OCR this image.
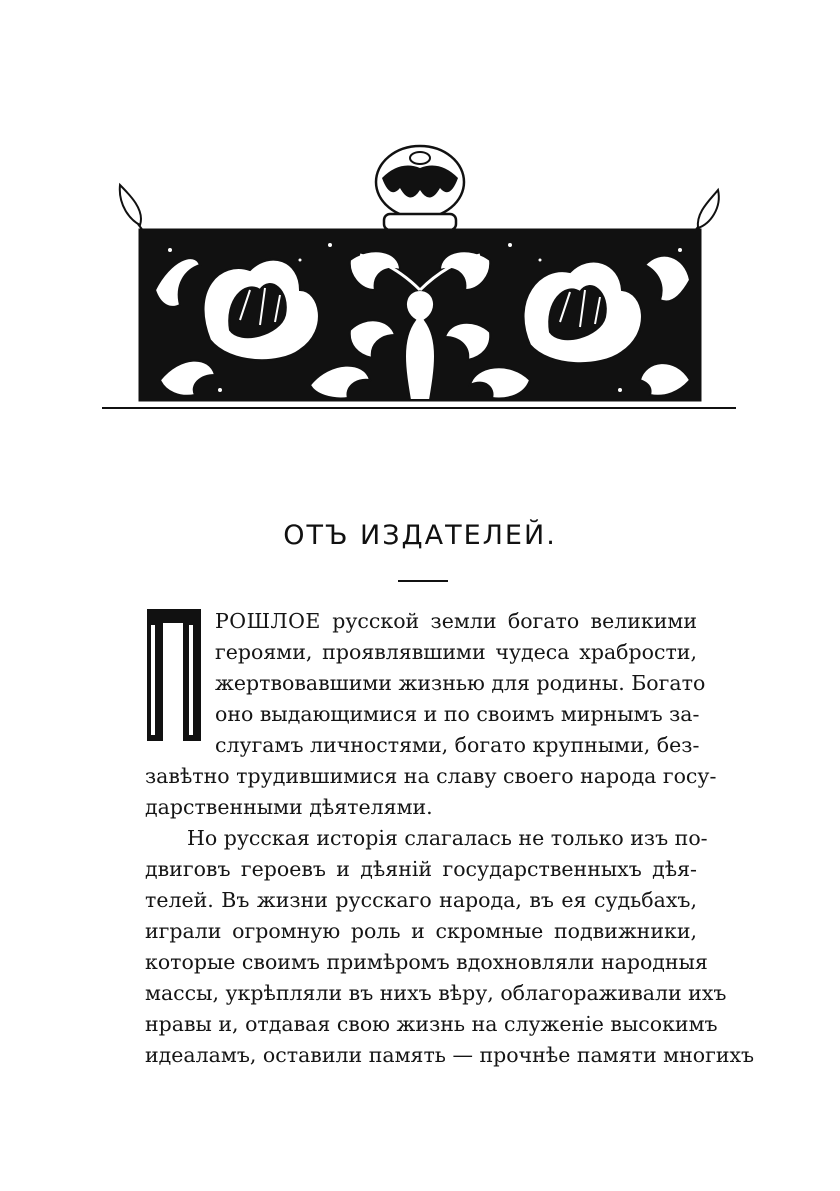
ОТЪ ИЗДАТЕЛЕЙ.
П
РОШЛОЕ русской земли богато великими
героями, проявлявшими чудеса храбрости,
жертвовавшими жизнью для родины. Богато
оно выдающимися и по своимъ мирнымъ за-
слугамъ личностями, богато крупными, без-
завѣтно трудившимися на славу своего народа госу-
дарственными дѣятелями.
Но русская исторія слагалась не только изъ по-
двиговъ героевъ и дѣяній государственныхъ дѣя-
телей. Въ жизни русскаго народа, въ ея судьбахъ,
играли огромную роль и скромные подвижники,
которые своимъ примѣромъ вдохновляли народныя
массы, укрѣпляли въ нихъ вѣру, облагораживали ихъ
нравы и, отдавая свою жизнь на служеніе высокимъ
идеаламъ, оставили память — прочнѣе памяти многихъ
